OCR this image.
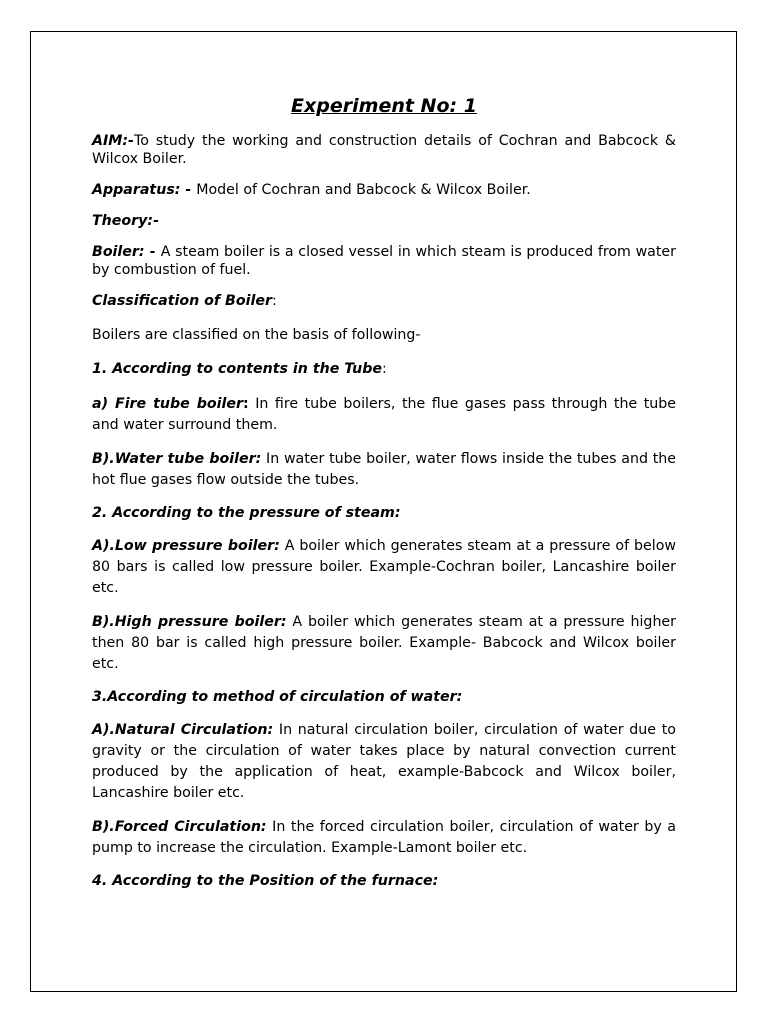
Experiment No: 1

AIM:-To study the working and construction details of Cochran and Babcock & Wilcox Boiler.

Apparatus: - Model of Cochran and Babcock & Wilcox Boiler.

Theory:-

Boiler: - A steam boiler is a closed vessel in which steam is produced from water by combustion of fuel.

Classification of Boiler:

Boilers are classified on the basis of following-

1. According to contents in the Tube:

a) Fire tube boiler: In fire tube boilers, the flue gases pass through the tube and water surround them.

B).Water tube boiler: In water tube boiler, water flows inside the tubes and the hot flue gases flow outside the tubes.

2. According to the pressure of steam:

A).Low pressure boiler: A boiler which generates steam at a pressure of below 80 bars is called low pressure boiler. Example-Cochran boiler, Lancashire boiler etc.

B).High pressure boiler: A boiler which generates steam at a pressure higher then 80 bar is called high pressure boiler. Example- Babcock and Wilcox boiler etc.

3.According to method of circulation of water:

A).Natural Circulation: In natural circulation boiler, circulation of water due to gravity or the circulation of water takes place by natural convection current produced by the application of heat, example-Babcock and Wilcox boiler, Lancashire boiler etc.

B).Forced Circulation: In the forced circulation boiler, circulation of water by a pump to increase the circulation. Example-Lamont boiler etc.

4. According to the Position of the furnace:
